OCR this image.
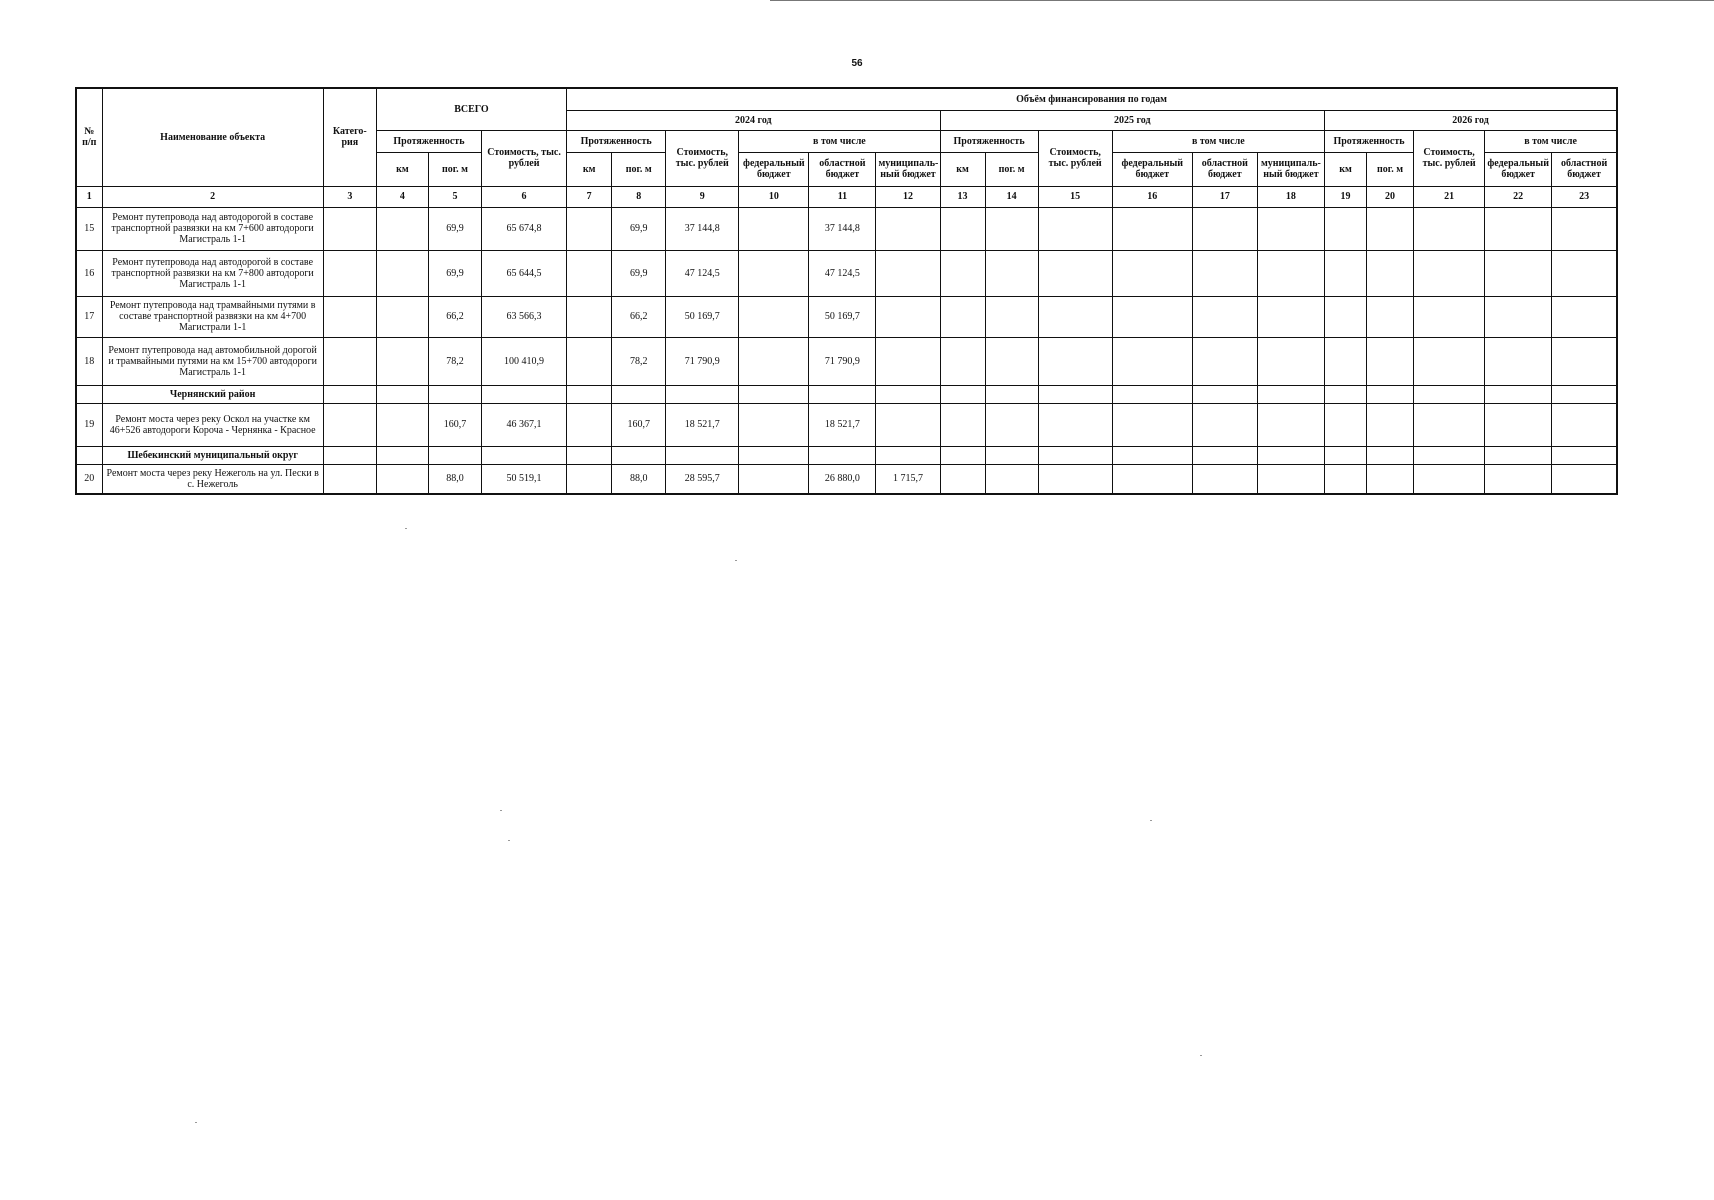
56
№ п/п	Наименование объекта	Катего-рия	ВСЕГО			Объём финансирования по годам																
						2024 год						2025 год						2026 год				
			Протяженность		Стоимость, тыс. рублей	Протяженность		Стоимость, тыс. рублей	в том числе			Протяженность		Стоимость, тыс. рублей	в том числе			Протяженность		Стоимость, тыс. рублей	в том числе	
			км	пог. м		км	пог. м		федеральный бюджет	областной бюджет	муниципаль-ный бюджет	км	пог. м		федеральный бюджет	областной бюджет	муниципаль-ный бюджет	км	пог. м		федеральный бюджет	областной бюджет
1	2	3	4	5	6	7	8	9	10	11	12	13	14	15	16	17	18	19	20	21	22	23
15	Ремонт путепровода над автодорогой в составе транспортной развязки на км 7+600 автодороги Магистраль 1-1			69,9	65 674,8		69,9	37 144,8		37 144,8												
16	Ремонт путепровода над автодорогой в составе транспортной развязки на км 7+800 автодороги Магистраль 1-1			69,9	65 644,5		69,9	47 124,5		47 124,5												
17	Ремонт путепровода над трамвайными путями в составе транспортной развязки на км 4+700 Магистрали 1-1			66,2	63 566,3		66,2	50 169,7		50 169,7												
18	Ремонт путепровода над автомобильной дорогой и трамвайными путями на км 15+700 автодороги Магистраль 1-1			78,2	100 410,9		78,2	71 790,9		71 790,9												
	Чернянский район																					
19	Ремонт моста через реку Оскол на участке км 46+526 автодороги Короча - Чернянка - Красное			160,7	46 367,1		160,7	18 521,7		18 521,7												
	Шебекинский муниципальный округ																					
20	Ремонт моста через реку Нежеголь на ул. Пески в с. Нежеголь			88,0	50 519,1		88,0	28 595,7		26 880,0	1 715,7											
